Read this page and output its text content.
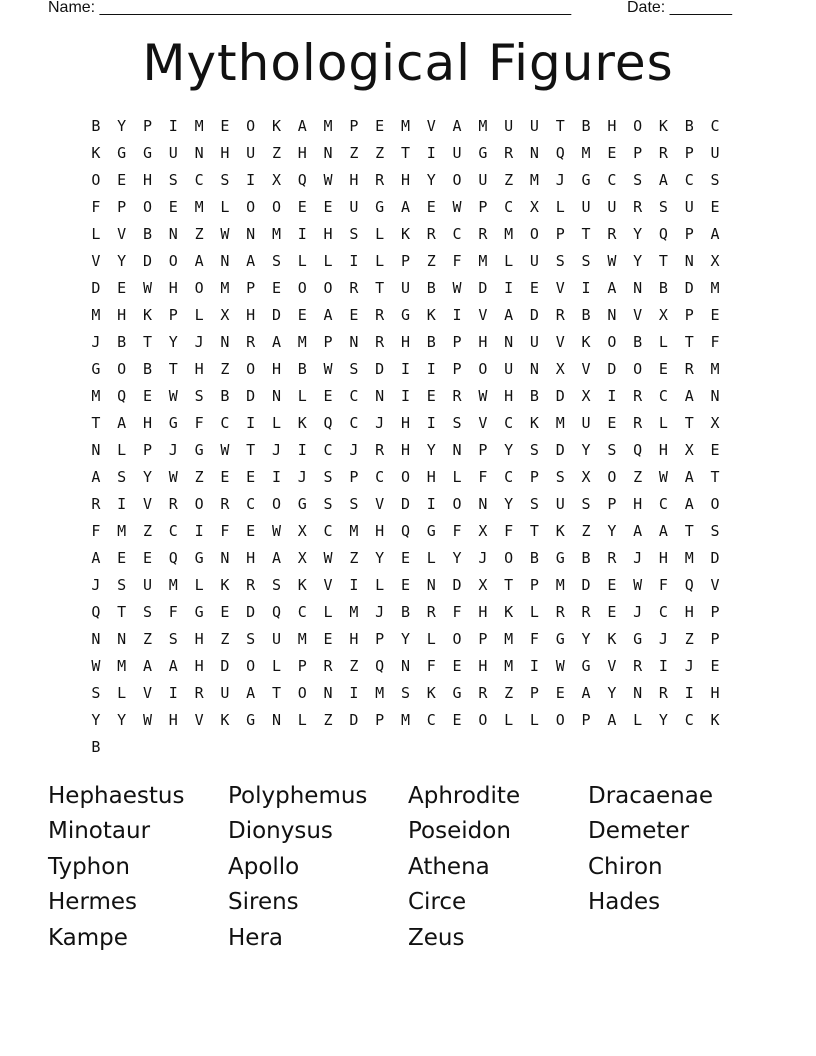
Name: _____________________________________________________	Date: _______
Mythological Figures
B	Y	P	I	M	E	O	K	A	M	P	E	M	V	A	M	U	U	T	B	H	O	K	B	C
K	G	G	U	N	H	U	Z	H	N	Z	Z	T	I	U	G	R	N	Q	M	E	P	R	P	U
O	E	H	S	C	S	I	X	Q	W	H	R	H	Y	O	U	Z	M	J	G	C	S	A	C	S
F	P	O	E	M	L	O	O	E	E	U	G	A	E	W	P	C	X	L	U	U	R	S	U	E
L	V	B	N	Z	W	N	M	I	H	S	L	K	R	C	R	M	O	P	T	R	Y	Q	P	A
V	Y	D	O	A	N	A	S	L	L	I	L	P	Z	F	M	L	U	S	S	W	Y	T	N	X
D	E	W	H	O	M	P	E	O	O	R	T	U	B	W	D	I	E	V	I	A	N	B	D	M
M	H	K	P	L	X	H	D	E	A	E	R	G	K	I	V	A	D	R	B	N	V	X	P	E
J	B	T	Y	J	N	R	A	M	P	N	R	H	B	P	H	N	U	V	K	O	B	L	T	F
G	O	B	T	H	Z	O	H	B	W	S	D	I	I	P	O	U	N	X	V	D	O	E	R	M
M	Q	E	W	S	B	D	N	L	E	C	N	I	E	R	W	H	B	D	X	I	R	C	A	N
T	A	H	G	F	C	I	L	K	Q	C	J	H	I	S	V	C	K	M	U	E	R	L	T	X
N	L	P	J	G	W	T	J	I	C	J	R	H	Y	N	P	Y	S	D	Y	S	Q	H	X	E
A	S	Y	W	Z	E	E	I	J	S	P	C	O	H	L	F	C	P	S	X	O	Z	W	A	T
R	I	V	R	O	R	C	O	G	S	S	V	D	I	O	N	Y	S	U	S	P	H	C	A	O
F	M	Z	C	I	F	E	W	X	C	M	H	Q	G	F	X	F	T	K	Z	Y	A	A	T	S
A	E	E	Q	G	N	H	A	X	W	Z	Y	E	L	Y	J	O	B	G	B	R	J	H	M	D
J	S	U	M	L	K	R	S	K	V	I	L	E	N	D	X	T	P	M	D	E	W	F	Q	V
Q	T	S	F	G	E	D	Q	C	L	M	J	B	R	F	H	K	L	R	R	E	J	C	H	P
N	N	Z	S	H	Z	S	U	M	E	H	P	Y	L	O	P	M	F	G	Y	K	G	J	Z	P
W	M	A	A	H	D	O	L	P	R	Z	Q	N	F	E	H	M	I	W	G	V	R	I	J	E
S	L	V	I	R	U	A	T	O	N	I	M	S	K	G	R	Z	P	E	A	Y	N	R	I	H
Y	Y	W	H	V	K	G	N	L	Z	D	P	M	C	E	O	L	L	O	P	A	L	Y	C	K
B
Hephaestus	Polyphemus	Aphrodite	Dracaenae
Minotaur	Dionysus	Poseidon	Demeter
Typhon	Apollo	Athena	Chiron
Hermes	Sirens	Circe	Hades
Kampe	Hera	Zeus
